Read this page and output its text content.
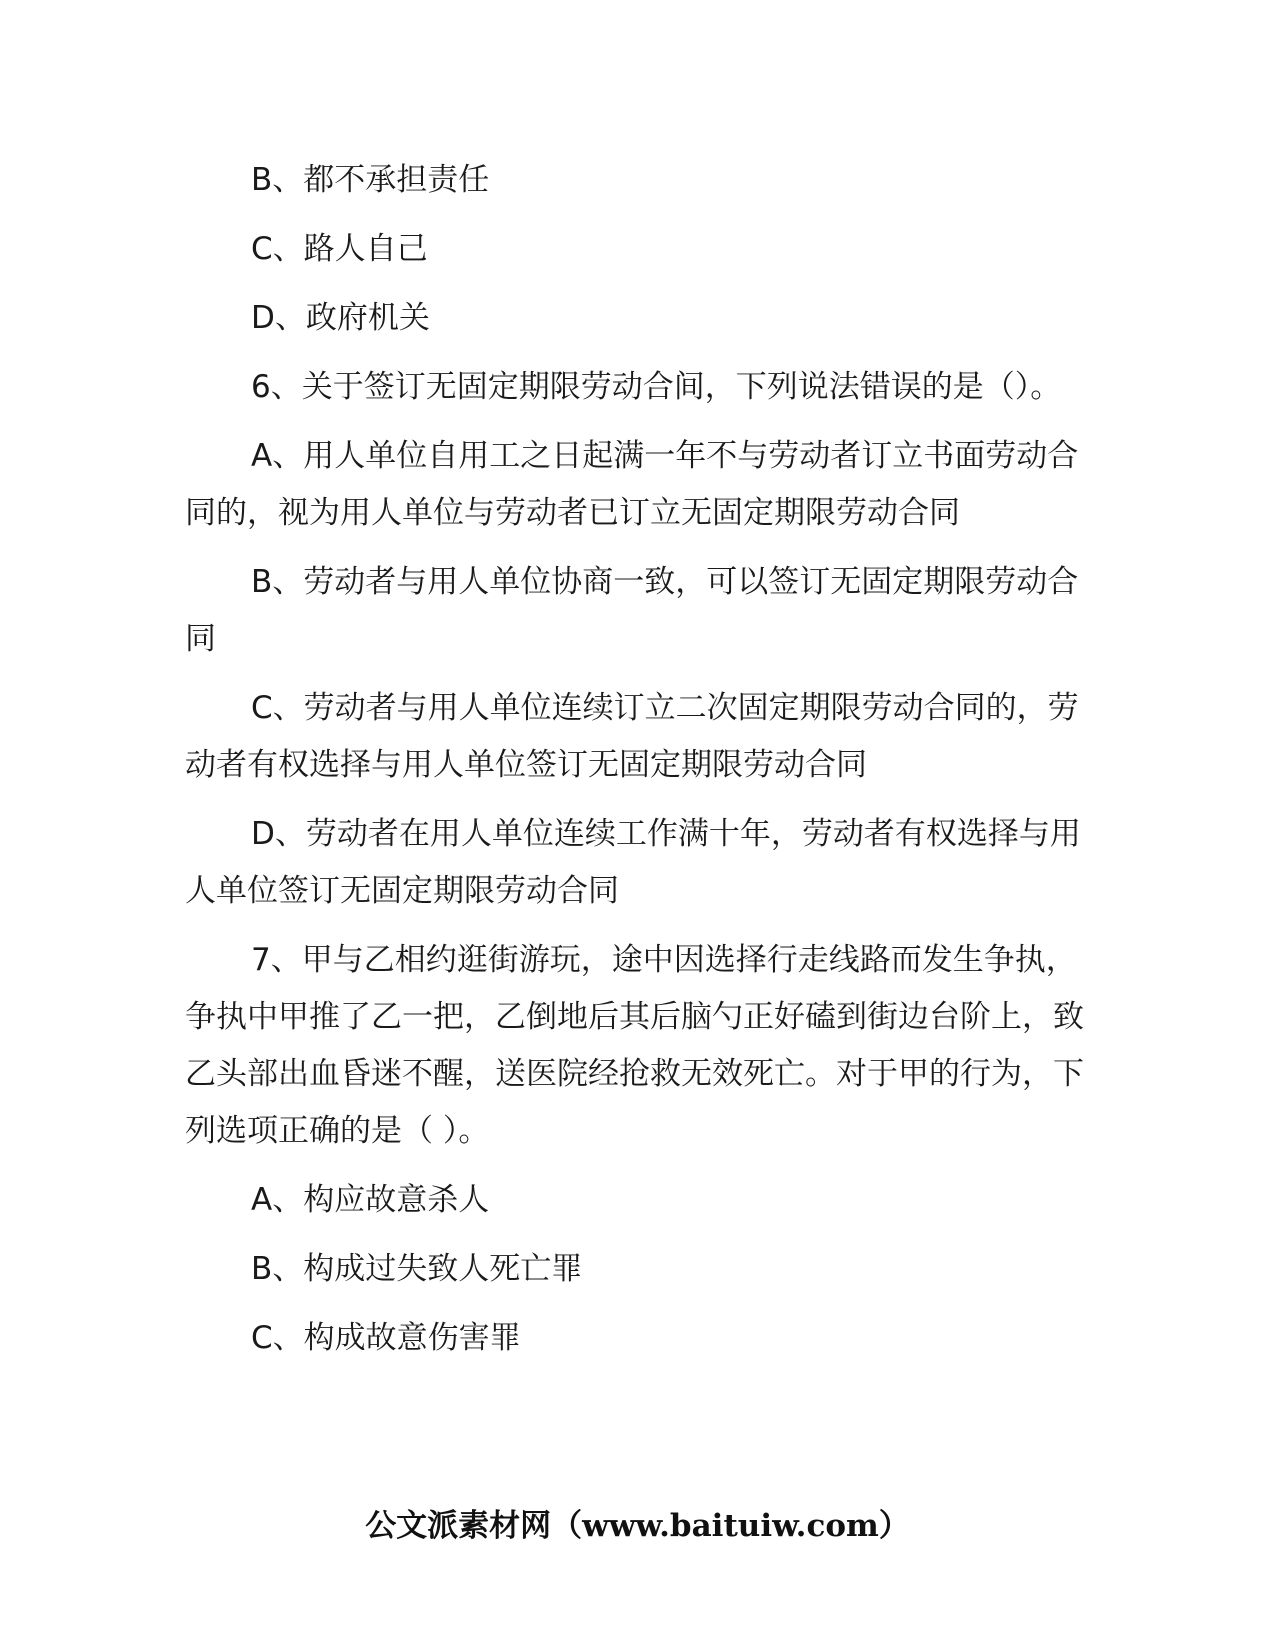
B、都不承担责任

C、路人自己

D、政府机关

6、关于签订无固定期限劳动合间，下列说法错误的是（）。

A、用人单位自用工之日起满一年不与劳动者订立书面劳动合同的，视为用人单位与劳动者已订立无固定期限劳动合同

B、劳动者与用人单位协商一致，可以签订无固定期限劳动合同

C、劳动者与用人单位连续订立二次固定期限劳动合同的，劳动者有权选择与用人单位签订无固定期限劳动合同

D、劳动者在用人单位连续工作满十年，劳动者有权选择与用人单位签订无固定期限劳动合同

7、甲与乙相约逛街游玩，途中因选择行走线路而发生争执，争执中甲推了乙一把，乙倒地后其后脑勺正好磕到街边台阶上，致乙头部出血昏迷不醒，送医院经抢救无效死亡。对于甲的行为，下列选项正确的是（ ）。

A、构应故意杀人

B、构成过失致人死亡罪

C、构成故意伤害罪

公文派素材网（www.baituiw.com）
